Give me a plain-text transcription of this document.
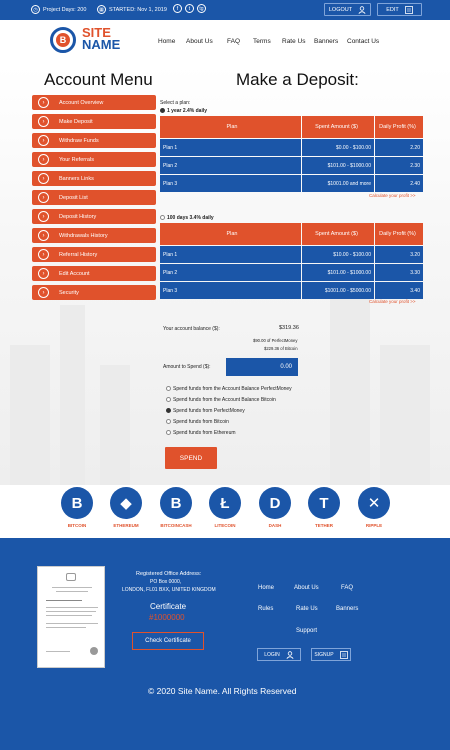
◷ Project Days: 200	▦ STARTED: Nov 1, 2019	f	t	tg	LOGOUT	EDIT
B SITE
NAME	Home About Us FAQ Terms Rate Us Banners Contact Us
Account Menu	Make a Deposit:
›	Account Overview
›	Make Deposit
›	Withdraw Funds
›	Your Referrals
›	Banners Links
›	Deposit List
›	Deposit History
›	Withdrawals History
›	Referral History
›	Edit Account
›	Security
Select a plan:
1 year 2.4% daily
Plan	Spent Amount ($)	Daily Profit (%)
Plan 1	$0.00 - $100.00	2.20
Plan 2	$101.00 - $1000.00	2.30
Plan 3	$1001.00 and more	2.40
Calculate your profit >>
100 days 3.4% daily
Plan	Spent Amount ($)	Daily Profit (%)
Plan 1	$10.00 - $100.00	3.20
Plan 2	$101.00 - $1000.00	3.30
Plan 3	$1001.00 - $5000.00	3.40
Calculate your profit >>
Your account balance ($):	$319.36
$90.00 of PerfectMoney
$229.36 of Bitcoin
Amount to Spend ($):	0.00
Spend funds from the Account Balance PerfectMoney
Spend funds from the Account Balance Bitcoin
Spend funds from PerfectMoney
Spend funds from Bitcoin
Spend funds from Ethereum
SPEND
B
BITCOIN
◆
ETHEREUM
B
BITCOINCASH
Ł
LITECOIN
D
DASH
T
TETHER
✕
RIPPLE
Registered Office Address:
PO Box 0000,
LONDON, FL01 BXX, UNITED KINGDOM
Certificate
#1000000
Check Certificate
Home	About Us	FAQ
Rules	Rate Us	Banners
Support
LOGIN	SIGNUP
© 2020 Site Name. All Rights Reserved
